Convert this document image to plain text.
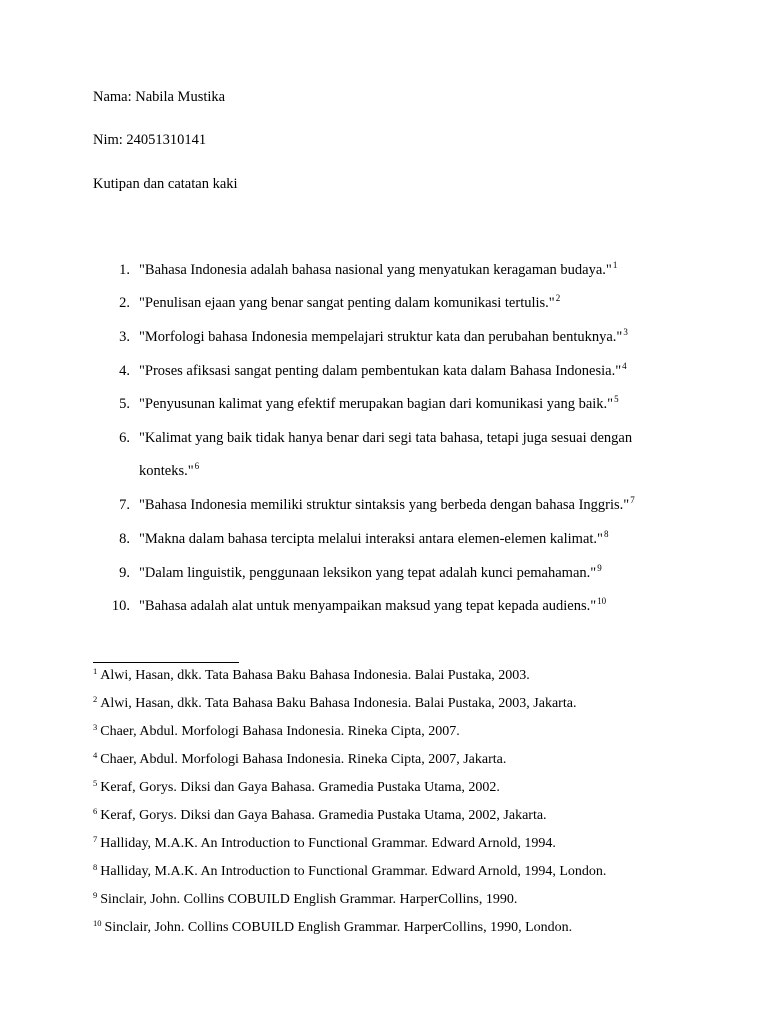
Nama: Nabila Mustika
Nim: 24051310141
Kutipan dan catatan kaki
1. "Bahasa Indonesia adalah bahasa nasional yang menyatukan keragaman budaya."$^1$
2. "Penulisan ejaan yang benar sangat penting dalam komunikasi tertulis."$^2$
3. "Morfologi bahasa Indonesia mempelajari struktur kata dan perubahan bentuknya."$^3$
4. "Proses afiksasi sangat penting dalam pembentukan kata dalam Bahasa Indonesia."$^4$
5. "Penyusunan kalimat yang efektif merupakan bagian dari komunikasi yang baik."$^5$
6. "Kalimat yang baik tidak hanya benar dari segi tata bahasa, tetapi juga sesuai dengan
konteks."$^6$
7. "Bahasa Indonesia memiliki struktur sintaksis yang berbeda dengan bahasa Inggris."$^7$
8. "Makna dalam bahasa tercipta melalui interaksi antara elemen-elemen kalimat."$^8$
9. "Dalam linguistik, penggunaan leksikon yang tepat adalah kunci pemahaman."$^9$
10. "Bahasa adalah alat untuk menyampaikan maksud yang tepat kepada audiens."$^{10}$
$^1$ Alwi, Hasan, dkk. Tata Bahasa Baku Bahasa Indonesia. Balai Pustaka, 2003.
$^2$ Alwi, Hasan, dkk. Tata Bahasa Baku Bahasa Indonesia. Balai Pustaka, 2003, Jakarta.
$^3$ Chaer, Abdul. Morfologi Bahasa Indonesia. Rineka Cipta, 2007.
$^4$ Chaer, Abdul. Morfologi Bahasa Indonesia. Rineka Cipta, 2007, Jakarta.
$^5$ Keraf, Gorys. Diksi dan Gaya Bahasa. Gramedia Pustaka Utama, 2002.
$^6$ Keraf, Gorys. Diksi dan Gaya Bahasa. Gramedia Pustaka Utama, 2002, Jakarta.
$^7$ Halliday, M.A.K. An Introduction to Functional Grammar. Edward Arnold, 1994.
$^8$ Halliday, M.A.K. An Introduction to Functional Grammar. Edward Arnold, 1994, London.
$^9$ Sinclair, John. Collins COBUILD English Grammar. HarperCollins, 1990.
$^{10}$ Sinclair, John. Collins COBUILD English Grammar. HarperCollins, 1990, London.
